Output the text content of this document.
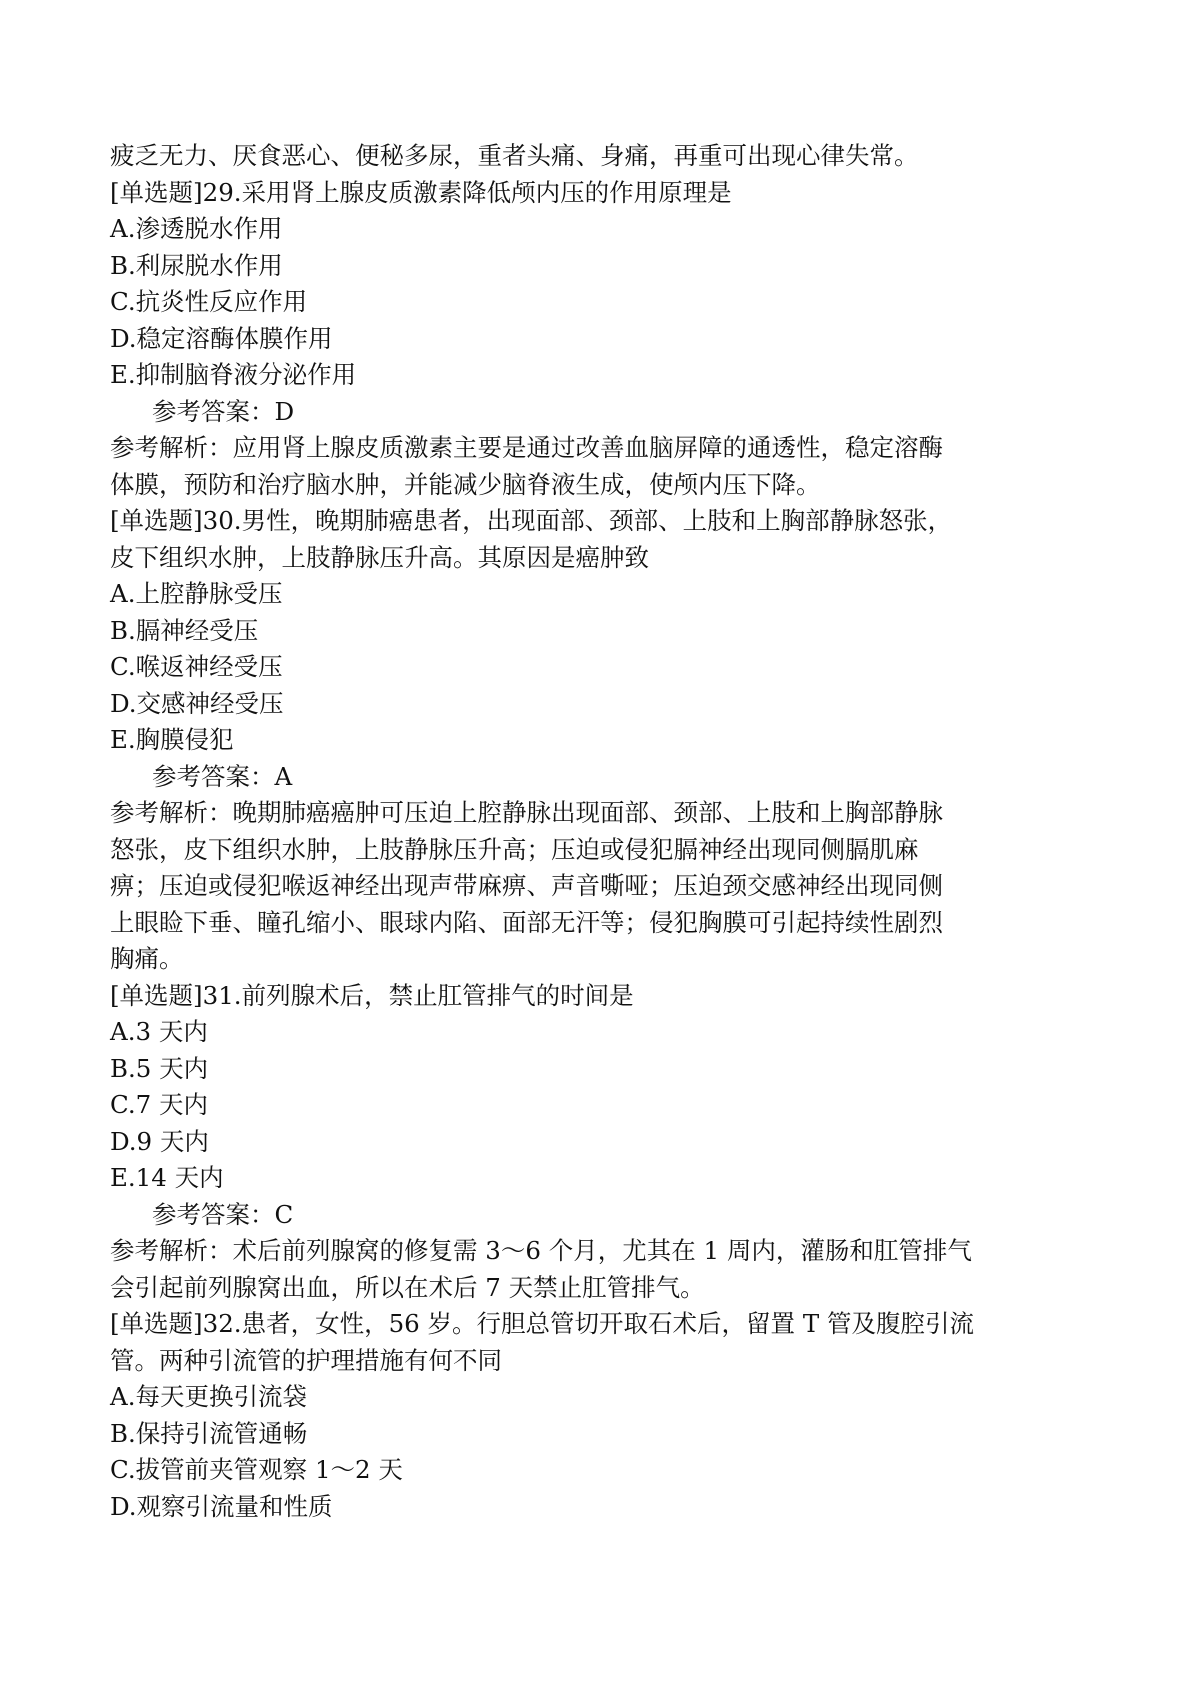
疲乏无力、厌食恶心、便秘多尿，重者头痛、身痛，再重可出现心律失常。
[单选题]29.采用肾上腺皮质激素降低颅内压的作用原理是
A.渗透脱水作用
B.利尿脱水作用
C.抗炎性反应作用
D.稳定溶酶体膜作用
E.抑制脑脊液分泌作用
参考答案：D
参考解析：应用肾上腺皮质激素主要是通过改善血脑屏障的通透性，稳定溶酶
体膜，预防和治疗脑水肿，并能减少脑脊液生成，使颅内压下降。
[单选题]30.男性，晚期肺癌患者，出现面部、颈部、上肢和上胸部静脉怒张，
皮下组织水肿，上肢静脉压升高。其原因是癌肿致
A.上腔静脉受压
B.膈神经受压
C.喉返神经受压
D.交感神经受压
E.胸膜侵犯
参考答案：A
参考解析：晚期肺癌癌肿可压迫上腔静脉出现面部、颈部、上肢和上胸部静脉
怒张，皮下组织水肿，上肢静脉压升高；压迫或侵犯膈神经出现同侧膈肌麻
痹；压迫或侵犯喉返神经出现声带麻痹、声音嘶哑；压迫颈交感神经出现同侧
上眼睑下垂、瞳孔缩小、眼球内陷、面部无汗等；侵犯胸膜可引起持续性剧烈
胸痛。
[单选题]31.前列腺术后，禁止肛管排气的时间是
A.3 天内
B.5 天内
C.7 天内
D.9 天内
E.14 天内
参考答案：C
参考解析：术后前列腺窝的修复需 3～6 个月，尤其在 1 周内，灌肠和肛管排气
会引起前列腺窝出血，所以在术后 7 天禁止肛管排气。
[单选题]32.患者，女性，56 岁。行胆总管切开取石术后，留置 T 管及腹腔引流
管。两种引流管的护理措施有何不同
A.每天更换引流袋
B.保持引流管通畅
C.拔管前夹管观察 1～2 天
D.观察引流量和性质
